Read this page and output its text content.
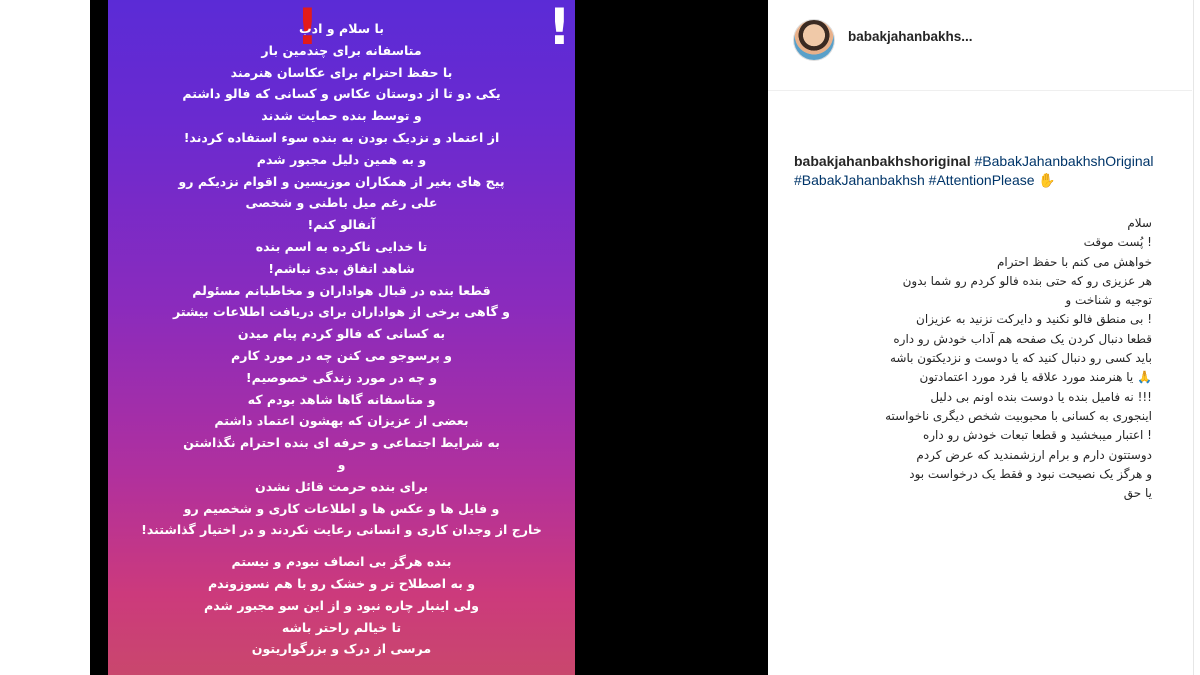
!	!
با سلام و ادب
متاسفانه برای چندمین بار
با حفظ احترام برای عکاسان هنرمند
یکی دو تا از دوستان عکاس و کسانی که فالو داشتم
و توسط بنده حمایت شدند
از اعتماد و نزدیک بودن به بنده سوء استفاده کردند!
و به همین دلیل مجبور شدم
پیج های بغیر از همکاران موزیسین و اقوام نزدیکم رو
علی رغم میل باطنی و شخصی
آنفالو کنم!
تا خدایی ناکرده به اسم بنده
شاهد اتفاق بدی نباشم!
قطعا بنده در قبال هواداران و مخاطبانم مسئولم
و گاهی برخی از هواداران برای دریافت اطلاعات بیشتر
به کسانی که فالو کردم پیام میدن
و پرسوجو می کنن چه در مورد کارم
و چه در مورد زندگی خصوصیم!
و متاسفانه گاها شاهد بودم که
بعضی از عزیزان که بهشون اعتماد داشتم
به شرایط اجتماعی و حرفه ای بنده احترام نگذاشتن
و
برای بنده حرمت قائل نشدن
و فایل ها و عکس ها و اطلاعات کاری و شخصیم رو
خارج از وجدان کاری و انسانی رعایت نکردند و در اختیار گذاشتند!
بنده هرگز بی انصاف نبودم و نیستم
و به اصطلاح تر و خشک رو با هم نسوزوندم
ولی اینبار چاره نبود و از این سو مجبور شدم
تا خیالم راحتر باشه
مرسی از درک و بزرگواریتون
babakjahanbakhs...
babakjahanbakhshoriginal #BabakJahanbakhshOriginal #BabakJahanbakhsh #AttentionPlease ✋
سلام
! پُست موقت
خواهش می کنم با حفظ احترام
هر عزیزی رو که حتی بنده فالو کردم رو شما بدون
توجیه و شناخت و
! بی منطق فالو نکنید و دایرکت نزنید به عزیزان
قطعا دنبال کردن یک صفحه هم آداب خودش رو داره
باید کسی رو دنبال کنید که یا دوست و نزدیکتون باشه
🙏 یا هنرمند مورد علاقه یا فرد مورد اعتمادتون
!!! نه فامیل بنده یا دوست بنده اونم بی دلیل
اینجوری به کسانی با محبوبیت شخص دیگری ناخواسته
! اعتبار میبخشید و قطعا تبعات خودش رو داره
دوستتون دارم و برام ارزشمندید که عرض کردم
و هرگز یک نصیحت نبود و فقط یک درخواست بود
یا حق
